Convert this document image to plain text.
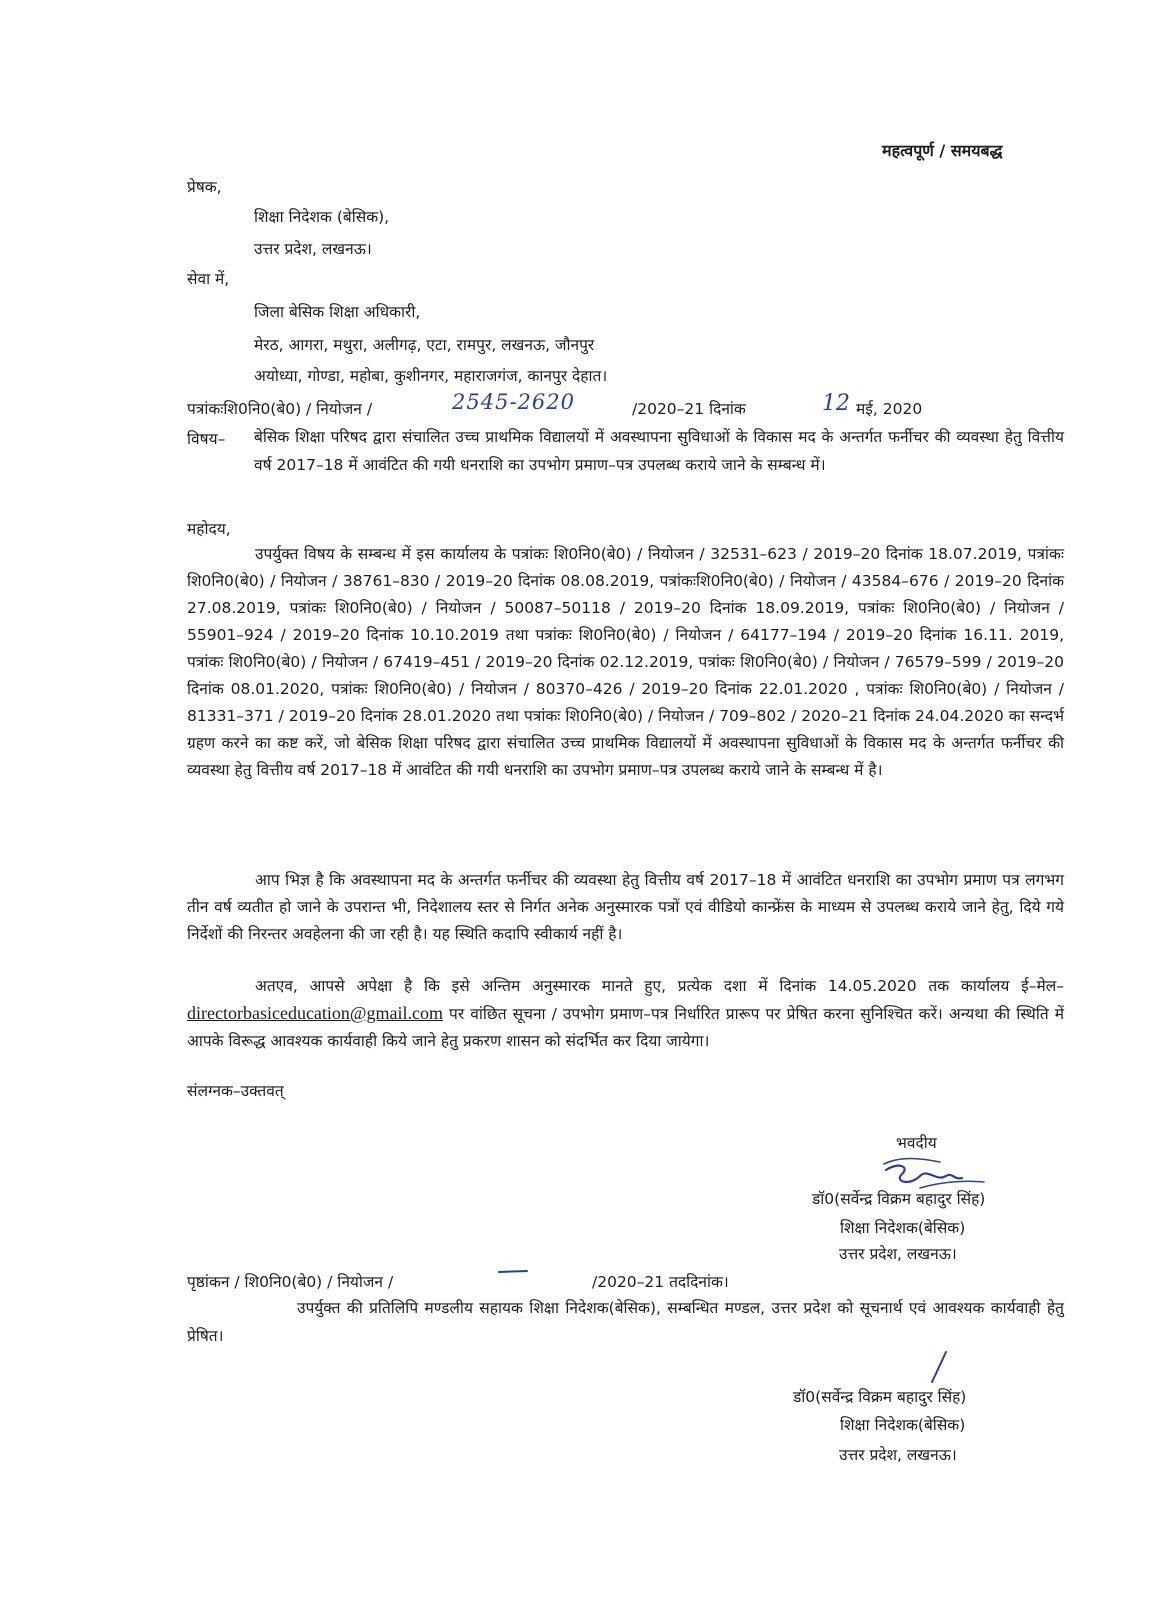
महत्वपूर्ण / समयबद्ध
प्रेषक,
शिक्षा निदेशक (बेसिक),
उत्तर प्रदेश, लखनऊ।
सेवा में,
जिला बेसिक शिक्षा अधिकारी,
मेरठ, आगरा, मथुरा, अलीगढ़, एटा, रामपुर, लखनऊ, जौनपुर
अयोध्या, गोण्डा, महोबा, कुशीनगर, महाराजगंज, कानपुर देहात।
पत्रांकःशि0नि0(बे0) / नियोजन /	2545-2620	/2020–21 दिनांक	12 मई, 2020
विषय– बेसिक शिक्षा परिषद द्वारा संचालित उच्च प्राथमिक विद्यालयों में अवस्थापना सुविधाओं के विकास मद के अन्तर्गत फर्नीचर की व्यवस्था हेतु वित्तीय वर्ष 2017–18 में आवंटित की गयी धनराशि का उपभोग प्रमाण–पत्र उपलब्ध कराये जाने के सम्बन्ध में।
महोदय,
उपर्युक्त विषय के सम्बन्ध में इस कार्यालय के पत्रांकः शि0नि0(बे0) / नियोजन / 32531–623 / 2019–20 दिनांक 18.07.2019, पत्रांकः शि0नि0(बे0) / नियोजन / 38761–830 / 2019–20 दिनांक 08.08.2019, पत्रांकःशि0नि0(बे0) / नियोजन / 43584–676 / 2019–20 दिनांक 27.08.2019, पत्रांकः शि0नि0(बे0) / नियोजन / 50087–50118 / 2019–20 दिनांक 18.09.2019, पत्रांकः शि0नि0(बे0) / नियोजन / 55901–924 / 2019–20 दिनांक 10.10.2019 तथा पत्रांकः शि0नि0(बे0) / नियोजन / 64177–194 / 2019–20 दिनांक 16.11. 2019, पत्रांकः शि0नि0(बे0) / नियोजन / 67419–451 / 2019–20 दिनांक 02.12.2019, पत्रांकः शि0नि0(बे0) / नियोजन / 76579–599 / 2019–20 दिनांक 08.01.2020, पत्रांकः शि0नि0(बे0) / नियोजन / 80370–426 / 2019–20 दिनांक 22.01.2020 , पत्रांकः शि0नि0(बे0) / नियोजन / 81331–371 / 2019–20 दिनांक 28.01.2020 तथा पत्रांकः शि0नि0(बे0) / नियोजन / 709–802 / 2020–21 दिनांक 24.04.2020 का सन्दर्भ ग्रहण करने का कष्ट करें, जो बेसिक शिक्षा परिषद द्वारा संचालित उच्च प्राथमिक विद्यालयों में अवस्थापना सुविधाओं के विकास मद के अन्तर्गत फर्नीचर की व्यवस्था हेतु वित्तीय वर्ष 2017–18 में आवंटित की गयी धनराशि का उपभोग प्रमाण–पत्र उपलब्ध कराये जाने के सम्बन्ध में है।
आप भिज्ञ है कि अवस्थापना मद के अन्तर्गत फर्नीचर की व्यवस्था हेतु वित्तीय वर्ष 2017–18 में आवंटित धनराशि का उपभोग प्रमाण पत्र लगभग तीन वर्ष व्यतीत हो जाने के उपरान्त भी, निदेशालय स्तर से निर्गत अनेक अनुस्मारक पत्रों एवं वीडियो कान्फ्रेंस के माध्यम से उपलब्ध कराये जाने हेतु, दिये गये निर्देशों की निरन्तर अवहेलना की जा रही है। यह स्थिति कदापि स्वीकार्य नहीं है।
अतएव, आपसे अपेक्षा है कि इसे अन्तिम अनुस्मारक मानते हुए, प्रत्येक दशा में दिनांक 14.05.2020 तक कार्यालय ई–मेल– directorbasiceducation@gmail.com पर वांछित सूचना / उपभोग प्रमाण–पत्र निर्धारित प्रारूप पर प्रेषित करना सुनिश्चित करें। अन्यथा की स्थिति में आपके विरूद्ध आवश्यक कार्यवाही किये जाने हेतु प्रकरण शासन को संदर्भित कर दिया जायेगा।
संलग्नक–उक्तवत्
भवदीय
डॉ0(सर्वेन्द्र विक्रम बहादुर सिंह)
शिक्षा निदेशक(बेसिक)
उत्तर प्रदेश, लखनऊ।
पृष्ठांकन / शि0नि0(बे0) / नियोजन /	/2020–21 तददिनांक।
उपर्युक्त की प्रतिलिपि मण्डलीय सहायक शिक्षा निदेशक(बेसिक), सम्बन्धित मण्डल, उत्तर प्रदेश को सूचनार्थ एवं आवश्यक कार्यवाही हेतु प्रेषित।
डॉ0(सर्वेन्द्र विक्रम बहादुर सिंह)
शिक्षा निदेशक(बेसिक)
उत्तर प्रदेश, लखनऊ।
